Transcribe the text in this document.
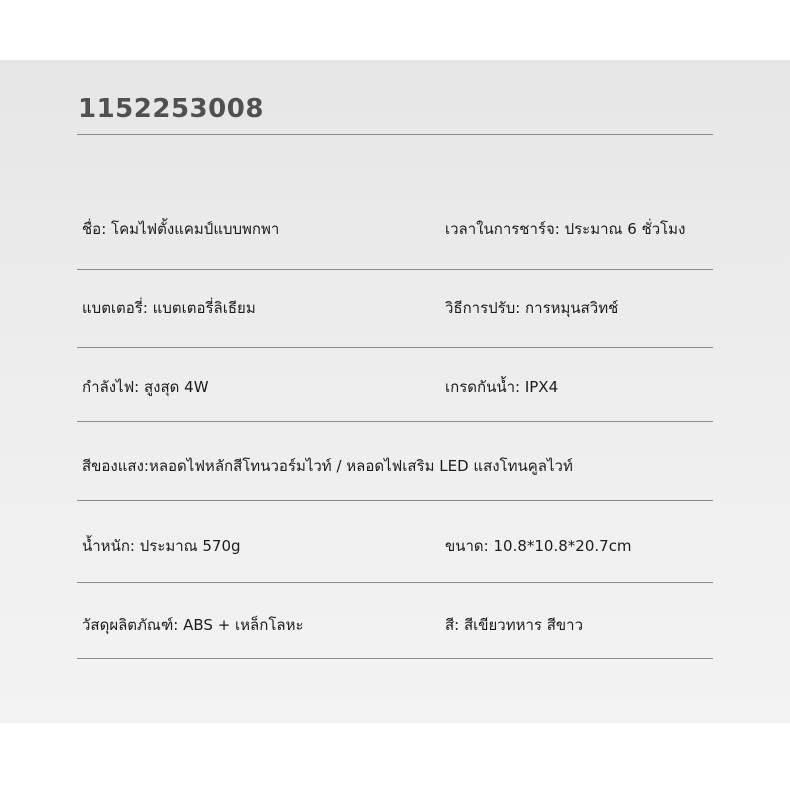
1152253008
ชื่อ: โคมไฟตั้งแคมป์แบบพกพา	เวลาในการชาร์จ: ประมาณ 6 ชั่วโมง
แบตเตอรี่: แบตเตอรี่ลิเธียม	วิธีการปรับ: การหมุนสวิทช์
กำลังไฟ: สูงสุด 4W	เกรดกันน้ำ: IPX4
สีของแสง:หลอดไฟหลักสีโทนวอร์มไวท์ / หลอดไฟเสริม LED แสงโทนคูลไวท์
น้ำหนัก: ประมาณ 570g	ขนาด: 10.8*10.8*20.7cm
วัสดุผลิตภัณฑ์: ABS + เหล็กโลหะ	สี: สีเขียวทหาร สีขาว
